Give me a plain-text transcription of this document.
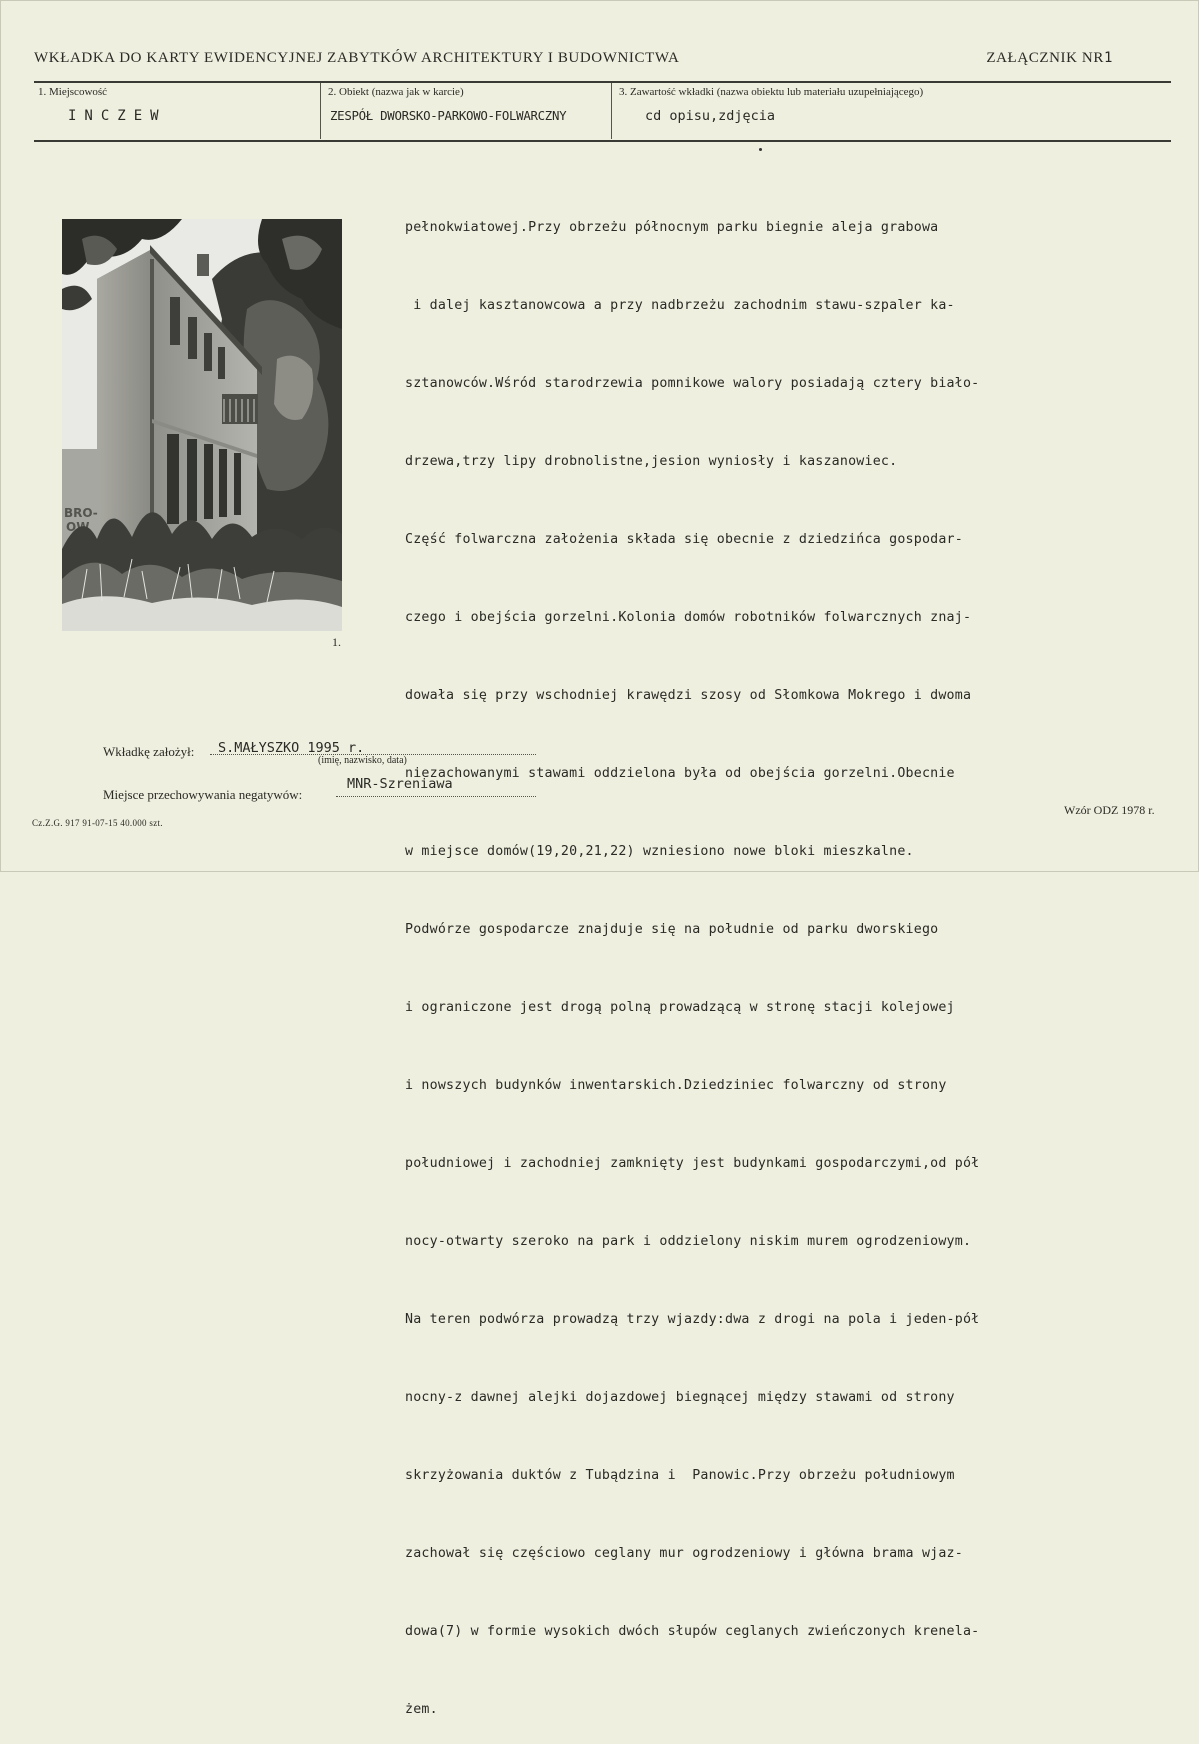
WKŁADKA DO KARTY EWIDENCYJNEJ ZABYTKÓW ARCHITEKTURY I BUDOWNICTWA	ZAŁĄCZNIK NR1
1. Miejscowość
INCZEW
2. Obiekt (nazwa jak w karcie)
ZESPÓŁ DWORSKO-PARKOWO-FOLWARCZNY
3. Zawartość wkładki (nazwa obiektu lub materiału uzupełniającego)
cd opisu,zdjęcia
BRO-
OW
1.

pełnokwiatowej.Przy obrzeżu północnym parku biegnie aleja grabowa

i dalej kasztanowcowa a przy nadbrzeżu zachodnim stawu-szpaler ka-

sztanowców.Wśród starodrzewia pomnikowe walory posiadają cztery biało-

drzewa,trzy lipy drobnolistne,jesion wyniosły i kaszanowiec.

Część folwarczna założenia składa się obecnie z dziedzińca gospodar-

czego i obejścia gorzelni.Kolonia domów robotników folwarcznych znaj-

dowała się przy wschodniej krawędzi szosy od Słomkowa Mokrego i dwoma

niezachowanymi stawami oddzielona była od obejścia gorzelni.Obecnie

w miejsce domów(19,20,21,22) wzniesiono nowe bloki mieszkalne.

Podwórze gospodarcze znajduje się na południe od parku dworskiego

i ograniczone jest drogą polną prowadzącą w stronę stacji kolejowej

i nowszych budynków inwentarskich.Dziedziniec folwarczny od strony

południowej i zachodniej zamknięty jest budynkami gospodarczymi,od pół

nocy-otwarty szeroko na park i oddzielony niskim murem ogrodzeniowym.

Na teren podwórza prowadzą trzy wjazdy:dwa z drogi na pola i jeden-pół

nocny-z dawnej alejki dojazdowej biegnącej między stawami od strony

skrzyżowania duktów z Tubądzina i  Panowic.Przy obrzeżu południowym

zachował się częściowo ceglany mur ogrodzeniowy i główna brama wjaz-

dowa(7) w formie wysokich dwóch słupów ceglanych zwieńczonych krenela-

żem.

Wkładkę założył: S.MAŁYSZKO 1995 r.
(imię, nazwisko, data)
Miejsce przechowywania negatywów:
MNR-Szreniawa
Cz.Z.G. 917 91-07-15 40.000 szt.
Wzór ODZ 1978 r.
